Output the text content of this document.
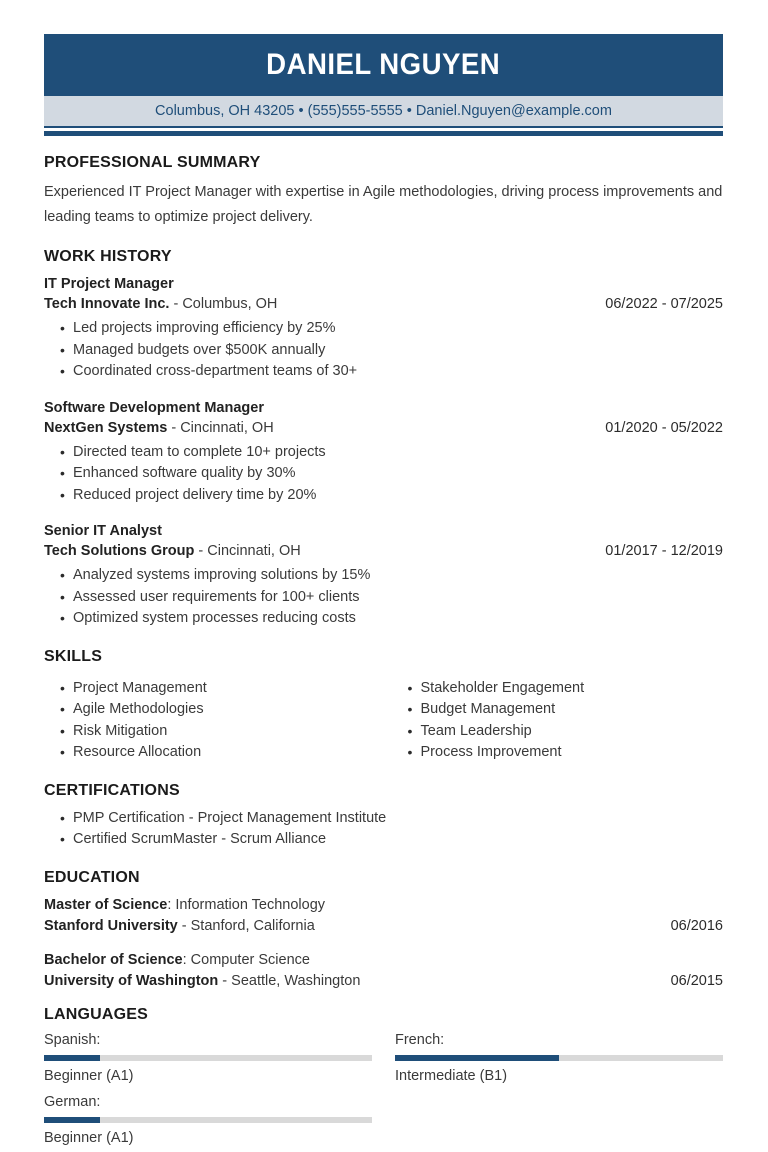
DANIEL NGUYEN
Columbus, OH 43205 • (555)555-5555 • Daniel.Nguyen@example.com
PROFESSIONAL SUMMARY

Experienced IT Project Manager with expertise in Agile methodologies, driving process improvements and leading teams to optimize project delivery.

WORK HISTORY
IT Project Manager
Tech Innovate Inc. - Columbus, OH	06/2022 - 07/2025
• Led projects improving efficiency by 25%
• Managed budgets over $500K annually
• Coordinated cross-department teams of 30+
Software Development Manager
NextGen Systems - Cincinnati, OH	01/2020 - 05/2022
• Directed team to complete 10+ projects
• Enhanced software quality by 30%
• Reduced project delivery time by 20%
Senior IT Analyst
Tech Solutions Group - Cincinnati, OH	01/2017 - 12/2019
• Analyzed systems improving solutions by 15%
• Assessed user requirements for 100+ clients
• Optimized system processes reducing costs
SKILLS
• Project Management
• Agile Methodologies
• Risk Mitigation
• Resource Allocation
• Stakeholder Engagement
• Budget Management
• Team Leadership
• Process Improvement
CERTIFICATIONS
• PMP Certification - Project Management Institute
• Certified ScrumMaster - Scrum Alliance
EDUCATION
Master of Science: Information Technology
Stanford University - Stanford, California	06/2016
Bachelor of Science: Computer Science
University of Washington - Seattle, Washington	06/2015
LANGUAGES
Spanish:
Beginner (A1)
French:
Intermediate (B1)
German:
Beginner (A1)
